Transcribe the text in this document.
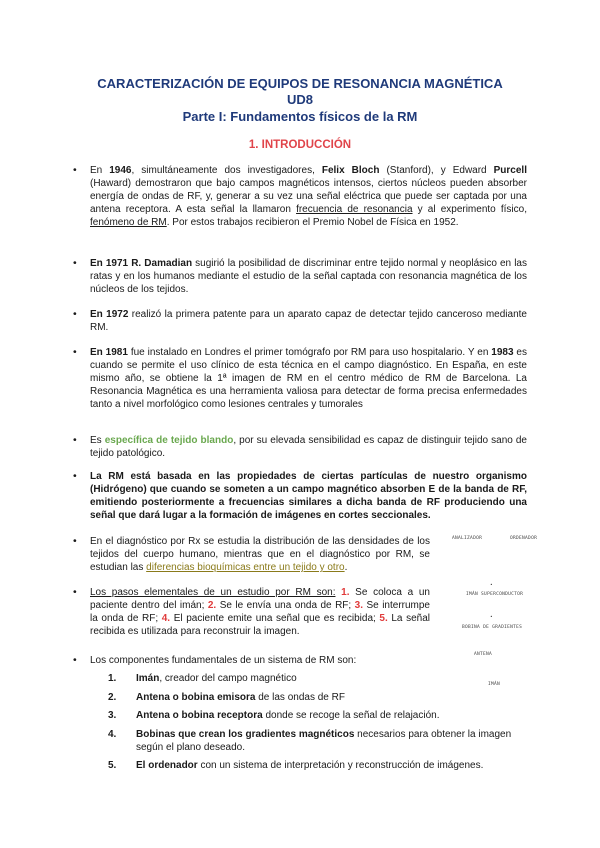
CARACTERIZACIÓN DE EQUIPOS DE RESONANCIA MAGNÉTICA
UD8
Parte I: Fundamentos físicos de la RM
1. INTRODUCCIÓN
• En 1946, simultáneamente dos investigadores, Felix Bloch (Stanford), y Edward Purcell (Haward) demostraron que bajo campos magnéticos intensos, ciertos núcleos pueden absorber energía de ondas de RF, y, generar a su vez una señal eléctrica que puede ser captada por una antena receptora. A esta señal la llamaron frecuencia de resonancia y al experimento físico, fenómeno de RM. Por estos trabajos recibieron el Premio Nobel de Física en 1952.
• En 1971 R. Damadian sugirió la posibilidad de discriminar entre tejido normal y neoplásico en las ratas y en los humanos mediante el estudio de la señal captada con resonancia magnética de los núcleos de los tejidos.
• En 1972 realizó la primera patente para un aparato capaz de detectar tejido canceroso mediante RM.
• En 1981 fue instalado en Londres el primer tomógrafo por RM para uso hospitalario. Y en 1983 es cuando se permite el uso clínico de esta técnica en el campo diagnóstico. En España, en este mismo año, se obtiene la 1ª imagen de RM en el centro médico de RM de Barcelona. La Resonancia Magnética es una herramienta valiosa para detectar de forma precisa enfermedades tanto a nivel morfológico como lesiones centrales y tumorales
• Es específica de tejido blando, por su elevada sensibilidad es capaz de distinguir tejido sano de tejido patológico.
• La RM está basada en las propiedades de ciertas partículas de nuestro organismo (Hidrógeno) que cuando se someten a un campo magnético absorben E de la banda de RF, emitiendo posteriormente a frecuencias similares a dicha banda de RF produciendo una señal que dará lugar a la formación de imágenes en cortes seccionales.
• En el diagnóstico por Rx se estudia la distribución de las densidades de los tejidos del cuerpo humano, mientras que en el diagnóstico por RM, se estudian las diferencias bioquímicas entre un tejido y otro.
• Los pasos elementales de un estudio por RM son: 1. Se coloca a un paciente dentro del imán; 2. Se le envía una onda de RF; 3. Se interrumpe la onda de RF; 4. El paciente emite una señal que es recibida; 5. La señal recibida es utilizada para reconstruir la imagen.
• Los componentes fundamentales de un sistema de RM son:
1. Imán, creador del campo magnético
2. Antena o bobina emisora de las ondas de RF
3. Antena o bobina receptora donde se recoge la señal de relajación.
4. Bobinas que crean los gradientes magnéticos necesarios para obtener la imagen según el plano deseado.
5. El ordenador con un sistema de interpretación y reconstrucción de imágenes.
ANALIZADOR	ORDENADOR
•
IMÁN SUPERCONDUCTOR
•
BOBINA DE GRADIENTES
ANTENA
IMÁN
